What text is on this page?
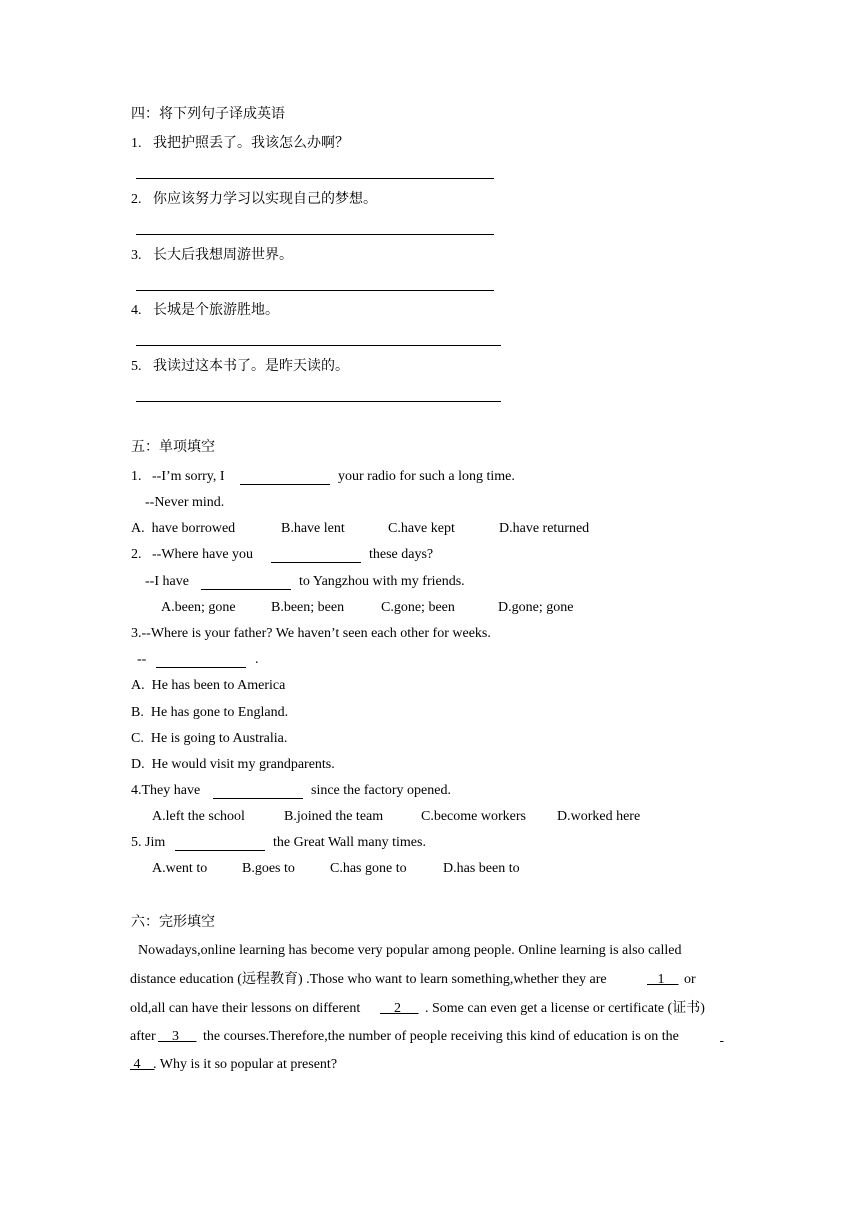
四：将下列句子译成英语
1. 我把护照丢了。我该怎么办啊？
2. 你应该努力学习以实现自己的梦想。
3. 长大后我想周游世界。
4. 长城是个旅游胜地。
5. 我读过这本书了。是昨天读的。
五：单项填空
1.   --I’m sorry, I	your radio for such a long time.
--Never mind.
A.  have borrowed	B.have lent	C.have kept	D.have returned
2.   --Where have you	these days?
--I have	to Yangzhou with my friends.
A.been; gone	B.been; been	C.gone; been	D.gone; gone
3.--Where is your father? We haven’t seen each other for weeks.
--	.
A.  He has been to America
B.  He has gone to England.
C.  He is going to Australia.
D.  He would visit my grandparents.
4.They have	since the factory opened.
A.left the school	B.joined the team	C.become workers D.worked here
5. Jim	the Great Wall many times.
A.went to B.goes to	C.has gone to	D.has been to
六：完形填空
Nowadays,online learning has become very popular among people. Online learning is also called
distance education (远程教育) .Those who want to learn something,whether they are	1 or
old,all can have their lessons on different 2 . Some can even get a license or certificate (证书)
after 3 the courses.Therefore,the number of people receiving this kind of education is on the

4
. Why is it so popular at present?
